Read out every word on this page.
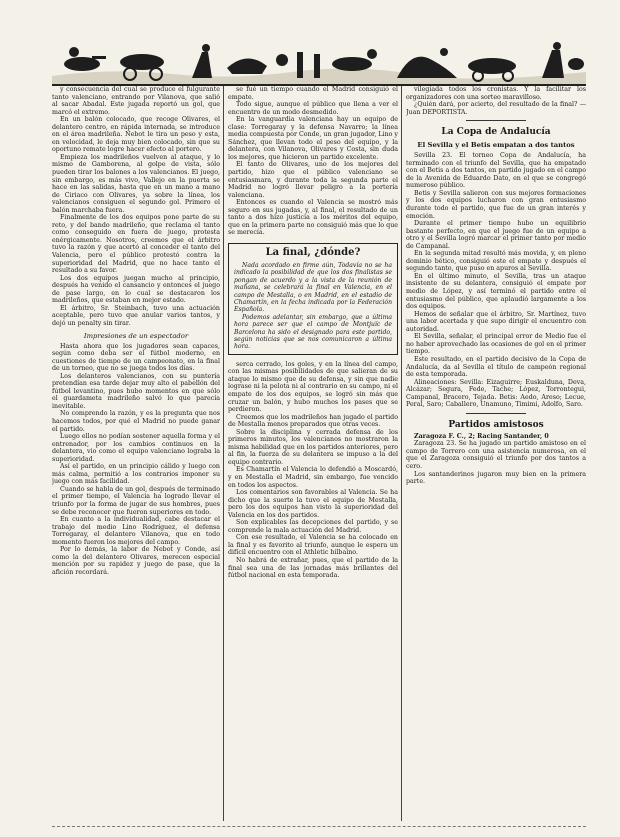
y consecuencia del cual se produce el fulgurante tanto valenciano, entrando por Vilanova, que salió al sacar Abadal. Este jugada reportó un gol, que marcó el extremo.

En un balón colocado, que recoge Olivares, el delantero centro, en rápida internada, se introduce en el área madrileña. Nebot le tira un peso y esta, en velocidad, le deja muy bien colocado, sin que su oportuno remate logre hacer efecto al portero.

Empieza los madrileños vuelven al ataque, y lo mismo de Gamborena, al golpe de vista, sólo pueden tirar los balones a los valencianos. El juego, sin embargo, es más vivo, Vallejo en la puerta se hace en las salidas, hasta que en un mano a mano de Ciriaco con Olivares, ya sobre la línea, los valencianos consiguen el segundo gol. Primero el balón marchaba fuera.

Finalmente de los dos equipos pone parte de su reto, y del bando madrileño, que reclama el tanto como conseguido en fuera de juego, protesta enérgicamente. Nosotros, creemos que el árbitro tuvo la razón y que acertó al conceder el tanto del Valencia, pero el público protestó contra la superioridad del Madrid, que no hace tanto el resultado a su favor.

Los dos equipos juegan mucho al principio, después ha venido el cansancio y entonces el juego de pase largo, en lo cual se destacaron los madrileños, que estaban en mejor estado.

El árbitro, Sr. Steinbach, tuvo una actuación aceptable, pero tuvo que anular varios tantos, y dejó un penalty sin tirar.

Impresiones de un espectador

Hasta ahora que los jugadores sean capaces, según como deba ser el fútbol moderno, en cuestiones de tiempo de un campeonato, en la final de un torneo, que no se juega todos los días.

Los delanteros valencianos, con su puntería pretendían esa tarde dejar muy alto el pabellón del fútbol levantino, pues hubo momentos en que sólo el guardameta madrileño salvó lo que parecía inevitable.

No comprendo la razón, y es la pregunta que nos hacemos todos, por qué el Madrid no puede ganar el partido.

Luego ellos no podían sostener aquella forma y el entrenador, por los cambios continuos en la delantera, vio como el equipo valenciano lograba la superioridad.

Así el partido, en un principio cálido y luego con más calma, permitió a los contrarios imponer su juego con más facilidad.

Cuando se habla de un gol, después de terminado el primer tiempo, el Valencia ha logrado llevar el triunfo por la forma de jugar de sus hombres, pues se debe reconocer que fueron superiores en todo.

En cuanto a la individualidad, cabe destacar el trabajo del medio Lino Rodríguez, el defensa Torregaray, el delantero Vilanova, que en todo momento fueron los mejores del campo.

Por lo demás, la labor de Nebot y Conde, así como la del delantero Olivares, merecen especial mención por su rapidez y juego de pase, que la afición recordará.

se fué un tiempo cuando el Madrid consiguió el empate.

Todo sigue, aunque el público que llena a ver el encuentro de un modo desmedido.

En la vanguardia valenciana hay un equipo de clase: Torregaray y la defensa Navarro; la línea media compuesta por Conde, un gran jugador, Lino y Sánchez, que llevan todo el peso del equipo, y la delantera, con Vilanova, Olivares y Costa, sin duda los mejores, que hicieron un partido excelente.

El tanto de Olivares, uno de los mejores del partido, hizo que el público valenciano se entusiasmara, y durante toda la segunda parte el Madrid no logró llevar peligro a la portería valenciana.

Entonces es cuando el Valencia se mostró más seguro en sus jugadas, y, al final, el resultado de un tanto a dos hizo justicia a los méritos del equipo, que en la primera parte no consiguió más que lo que se merecía.

La final, ¿dónde?

Nada acordado en firme aún, Todavía no se ha indicado la posibilidad de que los dos finalistas se pongan de acuerdo y a la vista de la reunión de mañana, se celebrará la final en Valencia, en el campo de Mestalla, o en Madrid, en el estadio de Chamartín, en la fecha indicada por la Federación Española.

Podemos adelantar, sin embargo, que a última hora parece ser que el campo de Montjuïc de Barcelona ha sido el designado para este partido, según noticias que se nos comunicaron a última hora.

serca cerrado, los goles, y en la línea del campo, con las mismas posibilidades de que salieran de su ataque lo mismo que de su defensa, y sin que nadie lograse ni la pelota ni al contrario en su campo, ni el empate de los dos equipos, se logró sin más que cruzar un balón, y hubo muchos los pases que se perdieron.

Creemos que los madrileños han jugado el partido de Mestalla menos preparados que otras veces.

Sobre la disciplina y cerrada defensa de los primeros minutos, los valencianos no mostraron la misma habilidad que en los partidos anteriores, pero al fin, la fuerza de su delantera se impuso a la del equipo contrario.

Es Chamartín el Valencia lo defendió a Moscardó, y en Mestalla el Madrid, sin embargo, fue vencido en todos los aspectos.

Los comentarios son favorables al Valencia. Se ha dicho que la suerte la tuvo el equipo de Mestalla, pero los dos equipos han visto la superioridad del Valencia en los dos partidos.

Son explicables las decepciones del partido, y se comprende la mala actuación del Madrid.

Con ese resultado, el Valencia se ha colocado en la final y es favorito al triunfo, aunque le espera un difícil encuentro con el Athletic bilbaíno.

No habrá de extrañar, pues, que el partido de la final sea una de las jornadas más brillantes del fútbol nacional en esta temporada.

vilegiada todos los cronistas. Y la facilitar los organizadores con una sorteo maravilloso.

¿Quién dará, por acierto, del resultado de la final? —Juan DEPORTISTA.

La Copa de Andalucía
El Sevilla y el Betis empatan a dos tantos

Sevilla 23. El torneo Copa de Andalucía, ha terminado con el triunfo del Sevilla, que ha empatado con el Betis a dos tantos, en partido jugado en el campo de la Avenida de Eduardo Dato, en el que se congregó numeroso público.

Betis y Sevilla salieron con sus mejores formaciones y los dos equipos lucharon con gran entusiasmo durante todo el partido, que fue de un gran interés y emoción.

Durante el primer tiempo hubo un equilibrio bastante perfecto, en que el juego fue de un equipo a otro y el Sevilla logró marcar el primer tanto por medio de Campanal.

En la segunda mitad resultó más movida, y, en pleno dominio bético, consiguió este el empate y después el segundo tanto, que puso en apuros al Sevilla.

En el último minuto, el Sevilla, tras un ataque insistente de su delantera, consiguió el empate por medio de López, y así terminó el partido entre el entusiasmo del público, que aplaudió largamente a los dos equipos.

Hemos de señalar que el árbitro, Sr. Martínez, tuvo una labor acertada y que supo dirigir el encuentro con autoridad.

El Sevilla, señalar, el principal error de Medio fue el no haber aprovechado las ocasiones de gol en el primer tiempo.

Este resultado, en el partido decisivo de la Copa de Andalucía, da al Sevilla el título de campeón regional de esta temporada.

Alineaciones: Sevilla: Eizaguirre; Euskalduna, Deva, Alcázar; Segura, Fede, Tache; López, Torrontegui, Campanal, Bracero, Tejada. Betis: Aedo, Areso; Lecue, Peral, Saro; Caballero, Unamuno, Timimi, Adolfo, Saro.

Partidos amistosos

Zaragoza F. C., 2; Racing Santander, 0

Zaragoza 23. Se ha jugado un partido amistoso en el campo de Torrero con una asistencia numerosa, en el que el Zaragoza consiguió el triunfo por dos tantos a cero.

Los santanderinos jugaron muy bien en la primera parte.
